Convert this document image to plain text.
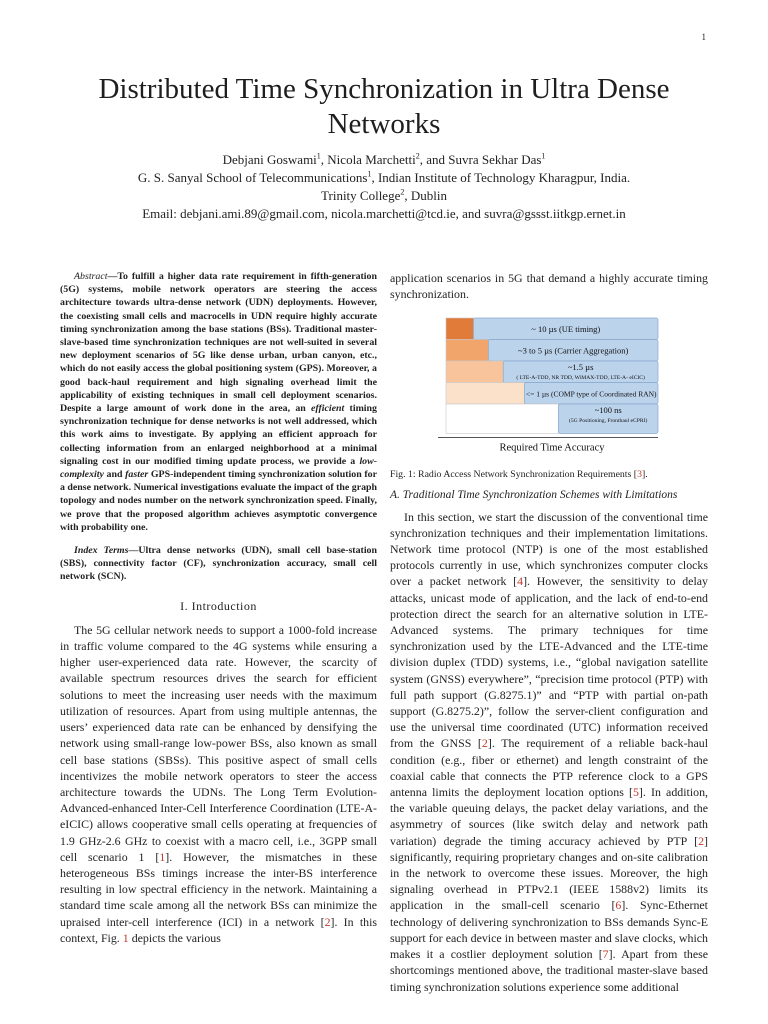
1
Distributed Time Synchronization in Ultra Dense Networks
Debjani Goswami$^1$, Nicola Marchetti$^2$, and Suvra Sekhar Das$^1$
G. S. Sanyal School of Telecommunications$^1$, Indian Institute of Technology Kharagpur, India.
Trinity College$^2$, Dublin
Email: debjani.ami.89@gmail.com, nicola.marchetti@tcd.ie, and suvra@gssst.iitkgp.ernet.in

Abstract—To fulfill a higher data rate requirement in fifth-generation (5G) systems, mobile network operators are steering the access architecture towards ultra-dense network (UDN) deployments. However, the coexisting small cells and macrocells in UDN require highly accurate timing synchronization among the base stations (BSs). Traditional master-slave-based time synchronization techniques are not well-suited in several new deployment scenarios of 5G like dense urban, urban canyon, etc., which do not easily access the global positioning system (GPS). Moreover, a good back-haul requirement and high signaling overhead limit the applicability of existing techniques in small cell deployment scenarios. Despite a large amount of work done in the area, an efficient timing synchronization technique for dense networks is not well addressed, which this work aims to investigate. By applying an efficient approach for collecting information from an enlarged neighborhood at a minimal signaling cost in our modified timing update process, we provide a low-complexity and faster GPS-independent timing synchronization solution for a dense network. Numerical investigations evaluate the impact of the graph topology and nodes number on the network synchronization speed. Finally, we prove that the proposed algorithm achieves asymptotic convergence with probability one.

Index Terms—Ultra dense networks (UDN), small cell base-station (SBS), connectivity factor (CF), synchronization accuracy, small cell network (SCN).

I. Introduction

The 5G cellular network needs to support a 1000-fold increase in traffic volume compared to the 4G systems while ensuring a higher user-experienced data rate. However, the scarcity of available spectrum resources drives the search for efficient solutions to meet the increasing user needs with the maximum utilization of resources. Apart from using multiple antennas, the users’ experienced data rate can be enhanced by densifying the network using small-range low-power BSs, also known as small cell base stations (SBSs). This positive aspect of small cells incentivizes the mobile network operators to steer the access architecture towards the UDNs. The Long Term Evolution-Advanced-enhanced Inter-Cell Interference Coordination (LTE-A-eICIC) allows cooperative small cells operating at frequencies of 1.9 GHz-2.6 GHz to coexist with a macro cell, i.e., 3GPP small cell scenario 1 [1]. However, the mismatches in these heterogeneous BSs timings increase the inter-BS interference resulting in low spectral efficiency in the network. Maintaining a standard time scale among all the network BSs can minimize the upraised inter-cell interference (ICI) in a network [2]. In this context, Fig. 1 depicts the various

application scenarios in 5G that demand a highly accurate timing synchronization.

~ 10 µs (UE timing)
~3 to 5 µs (Carrier Aggregation)
~1.5 µs
( LTE-A-TDD, NR TDD, WiMAX-TDD, LTE-A- eICIC)
<= 1 µs (COMP type of Coordinated RAN)
~100 ns
(5G Positioning, Fronthaul eCPRI)
Required Time Accuracy

Fig. 1: Radio Access Network Synchronization Requirements [3].

A. Traditional Time Synchronization Schemes with Limitations

In this section, we start the discussion of the conventional time synchronization techniques and their implementation limitations. Network time protocol (NTP) is one of the most established protocols currently in use, which synchronizes computer clocks over a packet network [4]. However, the sensitivity to delay attacks, unicast mode of application, and the lack of end-to-end protection direct the search for an alternative solution in LTE-Advanced systems. The primary techniques for time synchronization used by the LTE-Advanced and the LTE-time division duplex (TDD) systems, i.e., “global navigation satellite system (GNSS) everywhere”, “precision time protocol (PTP) with full path support (G.8275.1)” and “PTP with partial on-path support (G.8275.2)”, follow the server-client configuration and use the universal time coordinated (UTC) information received from the GNSS [2]. The requirement of a reliable back-haul condition (e.g., fiber or ethernet) and length constraint of the coaxial cable that connects the PTP reference clock to a GPS antenna limits the deployment location options [5]. In addition, the variable queuing delays, the packet delay variations, and the asymmetry of sources (like switch delay and network path variation) degrade the timing accuracy achieved by PTP [2] significantly, requiring proprietary changes and on-site calibration in the network to overcome these issues. Moreover, the high signaling overhead in PTPv2.1 (IEEE 1588v2) limits its application in the small-cell scenario [6]. Sync-Ethernet technology of delivering synchronization to BSs demands Sync-E support for each device in between master and slave clocks, which makes it a costlier deployment solution [7]. Apart from these shortcomings mentioned above, the traditional master-slave based timing synchronization solutions experience some additional
